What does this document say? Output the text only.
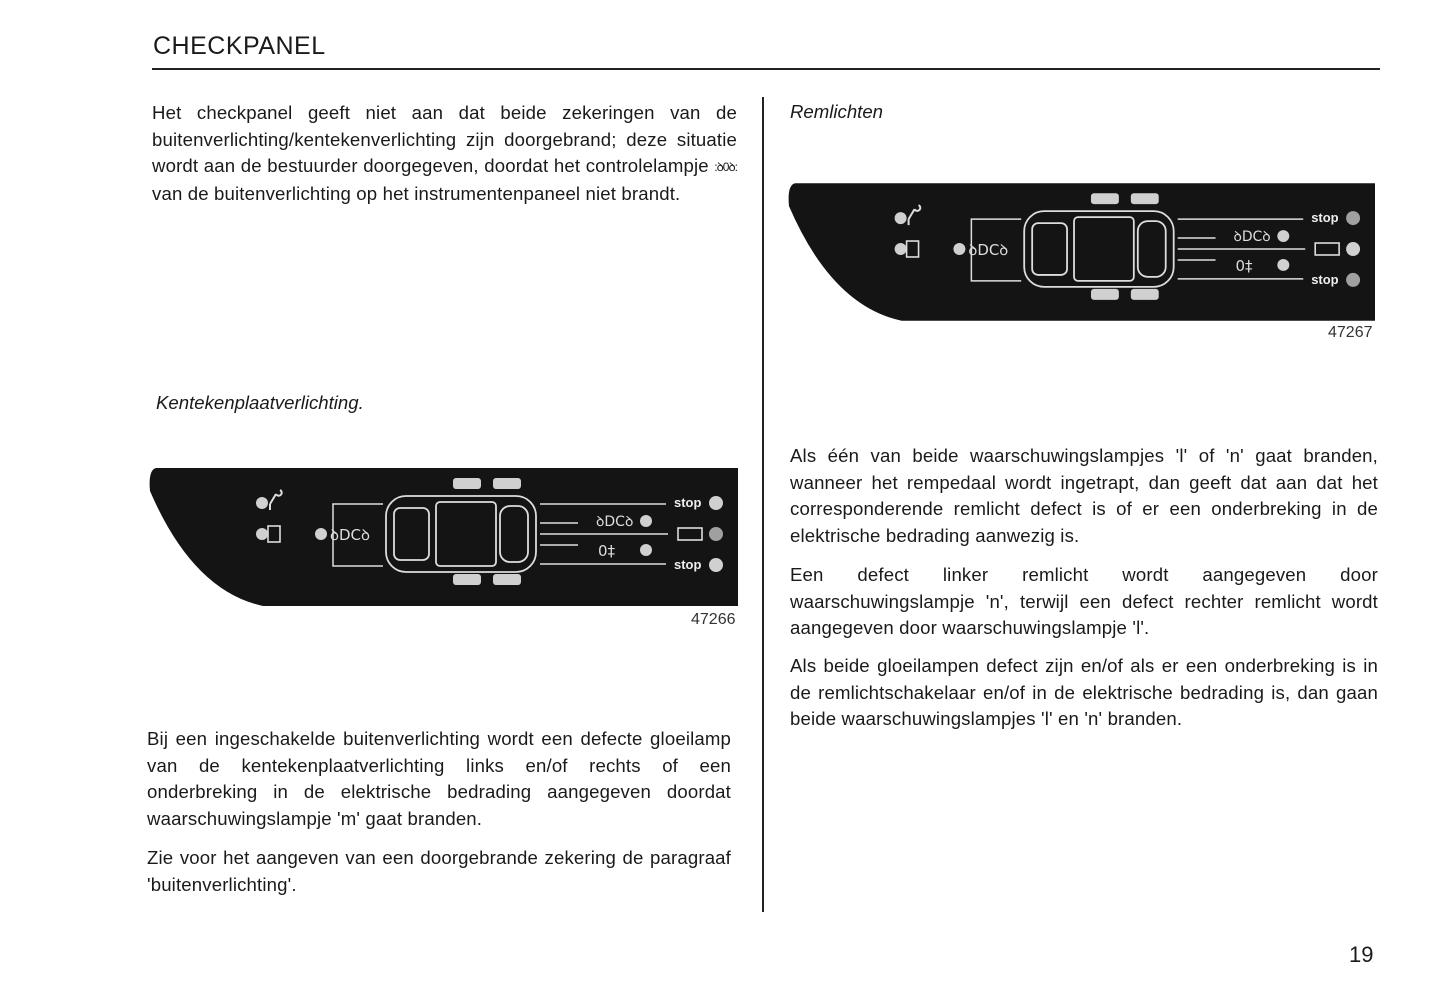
CHECKPANEL

Het checkpanel geeft niet aan dat beide zekeringen van de buitenverlichting/kentekenverlichting zijn doorgebrand; deze situatie wordt aan de bestuurder doorgegeven, doordat het controlelampje :ꝺ0ꝺ: van de buitenverlichting op het instrumentenpaneel niet brandt.

Kentekenplaatverlichting.
ꝺDCꝺ
ꝺDCꝺ
0‡
stop
stop
47266

Bij een ingeschakelde buitenverlichting wordt een defecte gloeilamp van de kentekenplaatverlichting links en/of rechts of een onderbreking in de elektrische bedrading aangegeven doordat waarschuwingslampje 'm' gaat branden.

Zie voor het aangeven van een doorgebrande zekering de paragraaf 'buitenverlichting'.

Remlichten
ꝺDCꝺ
ꝺDCꝺ
0‡
stop
stop
47267

Als één van beide waarschuwingslampjes 'l' of 'n' gaat branden, wanneer het rempedaal wordt ingetrapt, dan geeft dat aan dat het corresponderende remlicht defect is of er een onderbreking in de elektrische bedrading aanwezig is.

Een defect linker remlicht wordt aangegeven door waarschuwingslampje 'n', terwijl een defect rechter remlicht wordt aangegeven door waarschuwingslampje 'l'.

Als beide gloeilampen defect zijn en/of als er een onderbreking is in de remlichtschakelaar en/of in de elektrische bedrading is, dan gaan beide waarschuwingslampjes 'l' en 'n' branden.

19
